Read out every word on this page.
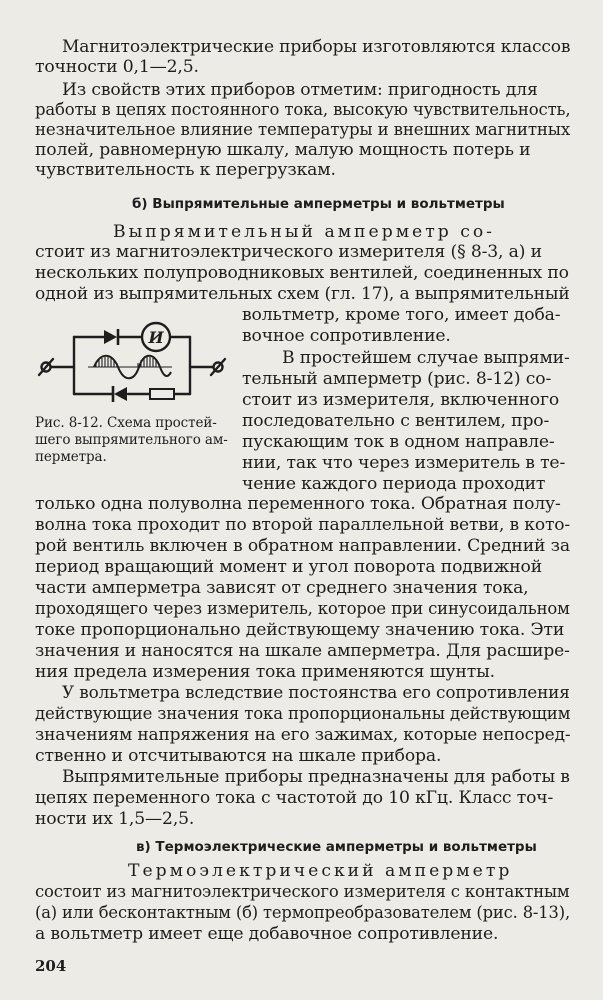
Магнитоэлектрические приборы изготовляются классов
точности 0,1—2,5.
Из свойств этих приборов отметим: пригодность для
работы в цепях постоянного тока, высокую чувствительность,
незначительное влияние температуры и внешних магнитных
полей, равномерную шкалу, малую мощность потерь и
чувствительность к перегрузкам.
б) Выпрямительные амперметры и вольтметры
Выпрямительный амперметр со-
стоит из магнитоэлектрического измерителя (§ 8-3, а) и
нескольких полупроводниковых вентилей, соединенных по
одной из выпрямительных схем (гл. 17), а выпрямительный
вольтметр, кроме того, имеет доба-
вочное сопротивление.
В простейшем случае выпрями-
тельный амперметр (рис. 8-12) со-
стоит из измерителя, включенного
последовательно с вентилем, про-
пускающим ток в одном направле-
нии, так что через измеритель в те-
чение каждого периода проходит
только одна полуволна переменного тока. Обратная полу-
волна тока проходит по второй параллельной ветви, в кото-
рой вентиль включен в обратном направлении. Средний за
период вращающий момент и угол поворота подвижной
части амперметра зависят от среднего значения тока,
проходящего через измеритель, которое при синусоидальном
токе пропорционально действующему значению тока. Эти
значения и наносятся на шкале амперметра. Для расшире-
ния предела измерения тока применяются шунты.
У вольтметра вследствие постоянства его сопротивления
действующие значения тока пропорциональны действующим
значениям напряжения на его зажимах, которые непосред-
ственно и отсчитываются на шкале прибора.
Выпрямительные приборы предназначены для работы в
цепях переменного тока с частотой до 10 кГц. Класс точ-
ности их 1,5—2,5.
в) Термоэлектрические амперметры и вольтметры
Термоэлектрический амперметр
состоит из магнитоэлектрического измерителя с контактным
(а) или бесконтактным (б) термопреобразователем (рис. 8-13),
а вольтметр имеет еще добавочное сопротивление.
Рис. 8-12. Схема простей-
шего выпрямительного ам-
перметра.
204
И
